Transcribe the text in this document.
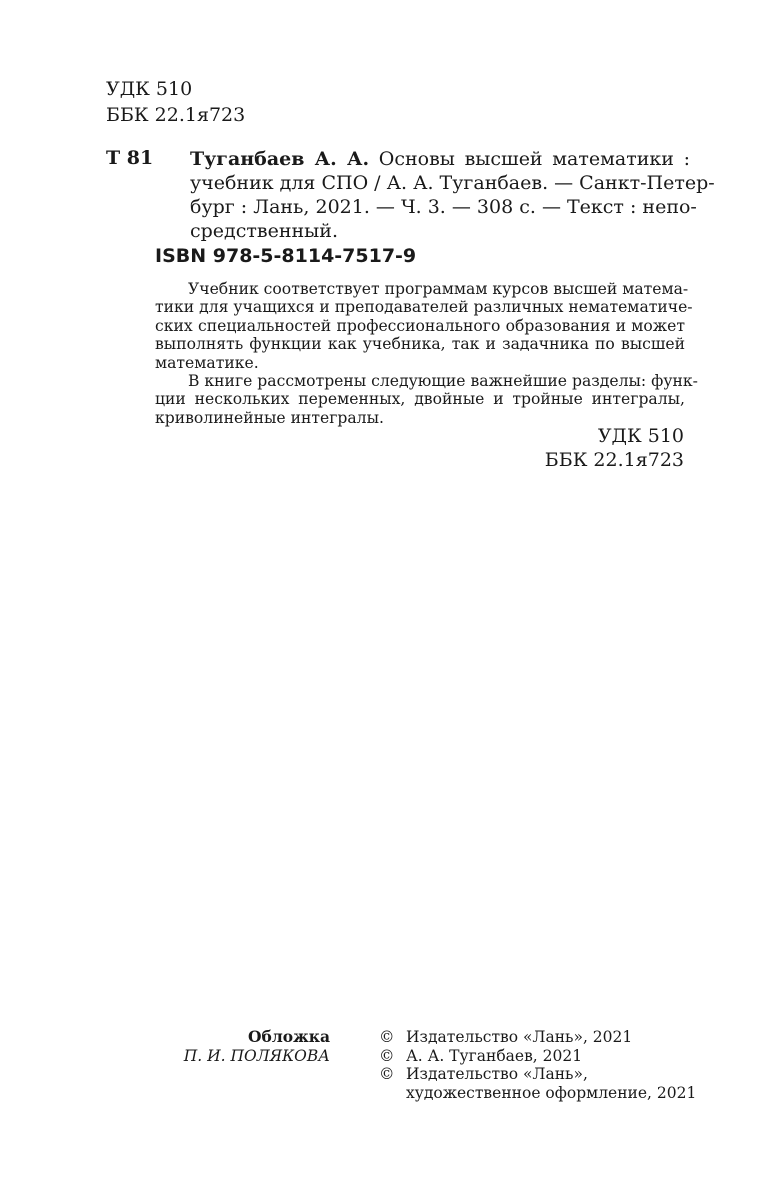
УДК 510
ББК 22.1я723
Т 81 Туганбаев А. А. Основы высшей математики :
учебник для СПО / А. А. Туганбаев. — Санкт-Петер-
бург : Лань, 2021. — Ч. 3. — 308 с. — Текст : непо-
средственный.
ISBN 978-5-8114-7517-9
Учебник соответствует программам курсов высшей матема-
тики для учащихся и преподавателей различных нематематиче-
ских специальностей профессионального образования и может
выполнять функции как учебника, так и задачника по высшей
математике.
В книге рассмотрены следующие важнейшие разделы: функ-
ции нескольких переменных, двойные и тройные интегралы,
криволинейные интегралы.
УДК 510
ББК 22.1я723
Обложка
П. И. ПОЛЯКОВА
© Издательство «Лань», 2021
© А. А. Туганбаев, 2021
© Издательство «Лань»,
художественное оформление, 2021
